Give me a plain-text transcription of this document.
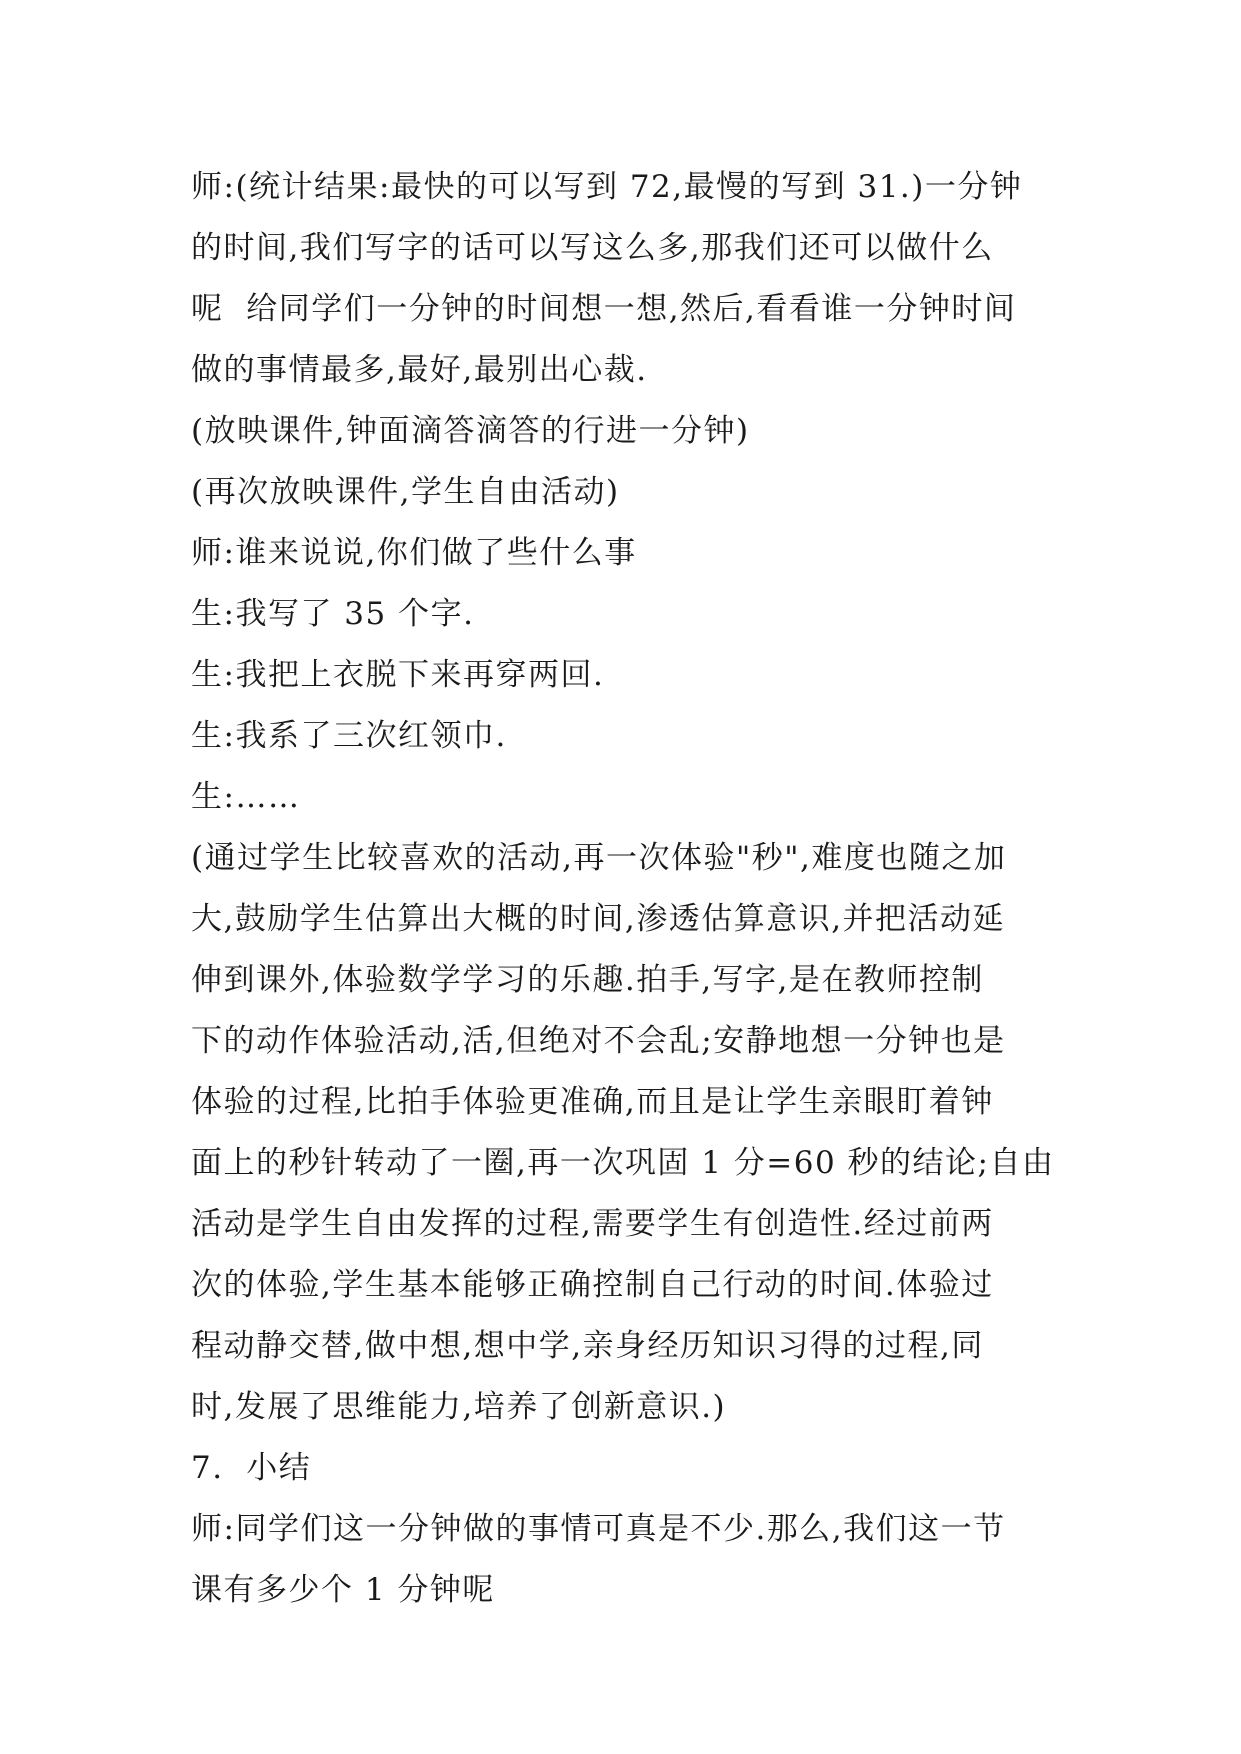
师:(统计结果:最快的可以写到 72,最慢的写到 31.)一分钟
的时间,我们写字的话可以写这么多,那我们还可以做什么
呢  给同学们一分钟的时间想一想,然后,看看谁一分钟时间
做的事情最多,最好,最别出心裁.
(放映课件,钟面滴答滴答的行进一分钟)
(再次放映课件,学生自由活动)
师:谁来说说,你们做了些什么事
生:我写了 35 个字.
生:我把上衣脱下来再穿两回.
生:我系了三次红领巾.
生:……
(通过学生比较喜欢的活动,再一次体验"秒",难度也随之加
大,鼓励学生估算出大概的时间,渗透估算意识,并把活动延
伸到课外,体验数学学习的乐趣.拍手,写字,是在教师控制
下的动作体验活动,活,但绝对不会乱;安静地想一分钟也是
体验的过程,比拍手体验更准确,而且是让学生亲眼盯着钟
面上的秒针转动了一圈,再一次巩固 1 分=60 秒的结论;自由
活动是学生自由发挥的过程,需要学生有创造性.经过前两
次的体验,学生基本能够正确控制自己行动的时间.体验过
程动静交替,做中想,想中学,亲身经历知识习得的过程,同
时,发展了思维能力,培养了创新意识.)
7.  小结
师:同学们这一分钟做的事情可真是不少.那么,我们这一节
课有多少个 1 分钟呢
